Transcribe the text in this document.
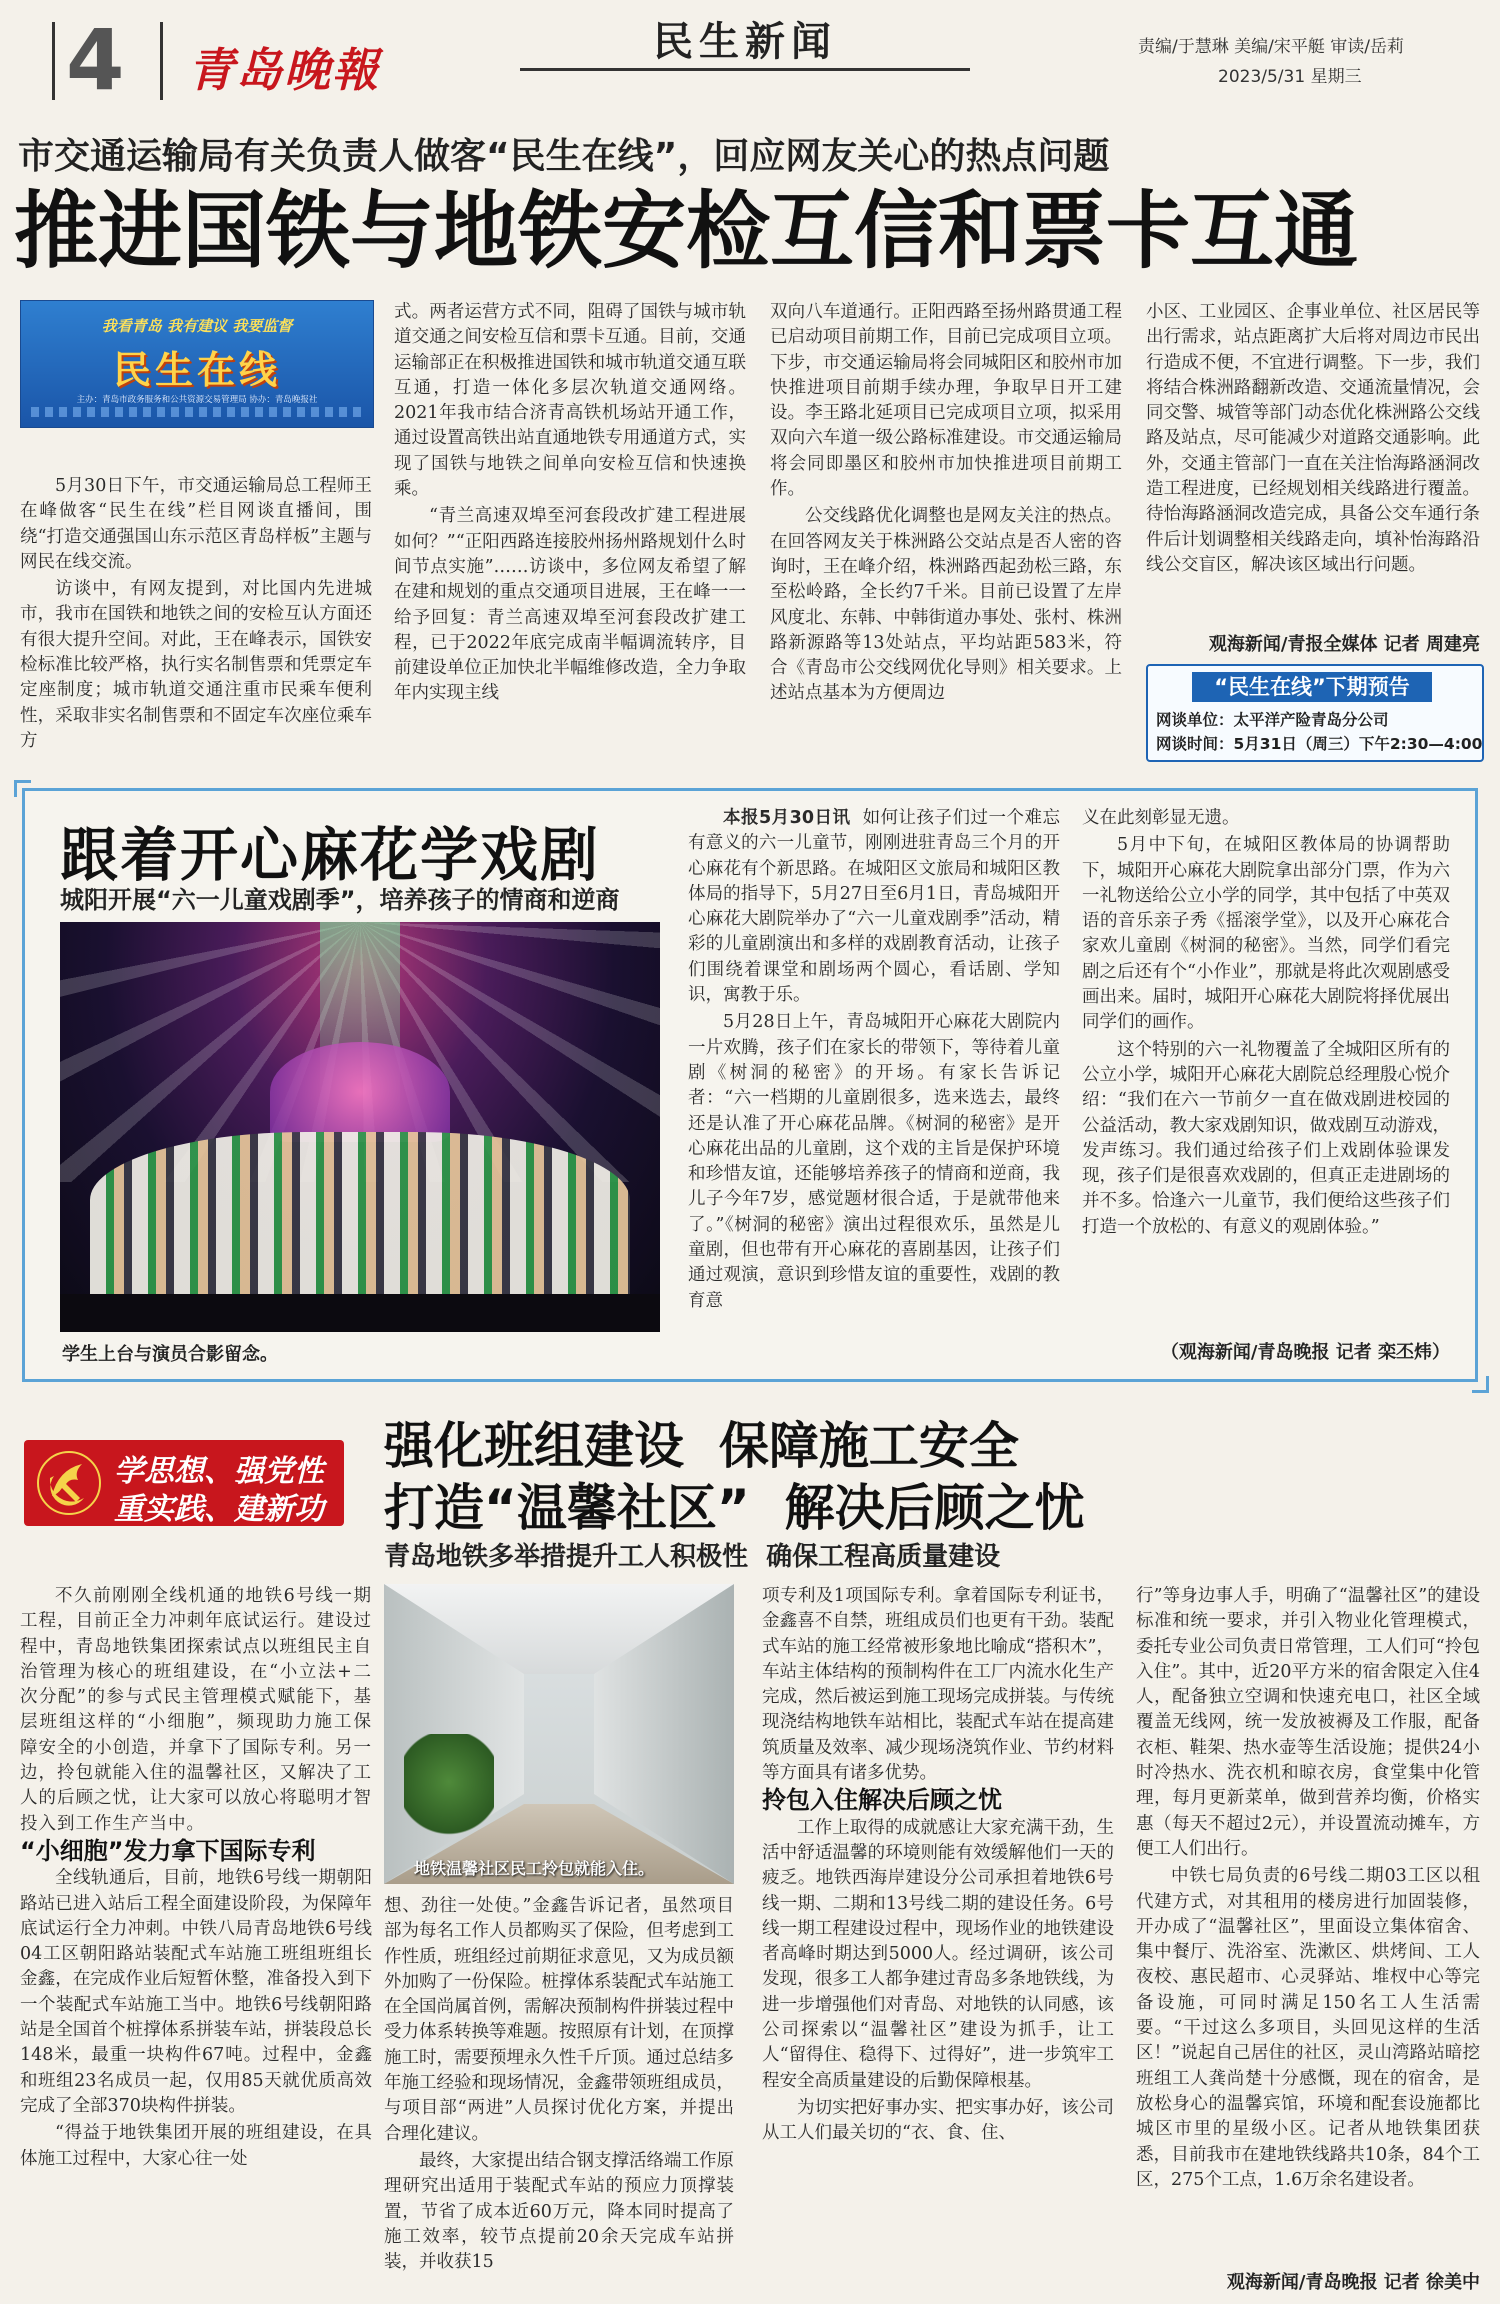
4 青岛晚報
民生新闻	责编/于慧琳 美编/宋平艇 审读/岳莉
2023/5/31 星期三
市交通运输局有关负责人做客“民生在线”，回应网友关心的热点问题
推进国铁与地铁安检互信和票卡互通
我看青岛 我有建议 我要监督
民生在线
主办：青岛市政务服务和公共资源交易管理局 协办：青岛晚报社

5月30日下午，市交通运输局总工程师王在峰做客“民生在线”栏目网谈直播间，围绕“打造交通强国山东示范区青岛样板”主题与网民在线交流。

访谈中，有网友提到，对比国内先进城市，我市在国铁和地铁之间的安检互认方面还有很大提升空间。对此，王在峰表示，国铁安检标准比较严格，执行实名制售票和凭票定车定座制度；城市轨道交通注重市民乘车便利性，采取非实名制售票和不固定车次座位乘车方

式。两者运营方式不同，阻碍了国铁与城市轨道交通之间安检互信和票卡互通。目前，交通运输部正在积极推进国铁和城市轨道交通互联互通，打造一体化多层次轨道交通网络。2021年我市结合济青高铁机场站开通工作，通过设置高铁出站直通地铁专用通道方式，实现了国铁与地铁之间单向安检互信和快速换乘。

“青兰高速双埠至河套段改扩建工程进展如何？”“正阳西路连接胶州扬州路规划什么时间节点实施”……访谈中，多位网友希望了解在建和规划的重点交通项目进展，王在峰一一给予回复：青兰高速双埠至河套段改扩建工程，已于2022年底完成南半幅调流转序，目前建设单位正加快北半幅维修改造，全力争取年内实现主线

双向八车道通行。正阳西路至扬州路贯通工程已启动项目前期工作，目前已完成项目立项。下步，市交通运输局将会同城阳区和胶州市加快推进项目前期手续办理，争取早日开工建设。李王路北延项目已完成项目立项，拟采用双向六车道一级公路标准建设。市交通运输局将会同即墨区和胶州市加快推进项目前期工作。

公交线路优化调整也是网友关注的热点。在回答网友关于株洲路公交站点是否人密的咨询时，王在峰介绍，株洲路西起劲松三路，东至松岭路，全长约7千米。目前已设置了左岸风度北、东韩、中韩街道办事处、张村、株洲路新源路等13处站点，平均站距583米，符合《青岛市公交线网优化导则》相关要求。上述站点基本为方便周边

小区、工业园区、企事业单位、社区居民等出行需求，站点距离扩大后将对周边市民出行造成不便，不宜进行调整。下一步，我们将结合株洲路翻新改造、交通流量情况，会同交警、城管等部门动态优化株洲路公交线路及站点，尽可能减少对道路交通影响。此外，交通主管部门一直在关注怡海路涵洞改造工程进度，已经规划相关线路进行覆盖。待怡海路涵洞改造完成，具备公交车通行条件后计划调整相关线路走向，填补怡海路沿线公交盲区，解决该区域出行问题。

观海新闻/青报全媒体 记者 周建亮
“民生在线”下期预告
网谈单位：太平洋产险青岛分公司
网谈时间：5月31日（周三）下午2:30—4:00
跟着开心麻花学戏剧
城阳开展“六一儿童戏剧季”，培养孩子的情商和逆商
学生上台与演员合影留念。

本报5月30日讯 如何让孩子们过一个难忘有意义的六一儿童节，刚刚进驻青岛三个月的开心麻花有个新思路。在城阳区文旅局和城阳区教体局的指导下，5月27日至6月1日，青岛城阳开心麻花大剧院举办了“六一儿童戏剧季”活动，精彩的儿童剧演出和多样的戏剧教育活动，让孩子们围绕着课堂和剧场两个圆心，看话剧、学知识，寓教于乐。

5月28日上午，青岛城阳开心麻花大剧院内一片欢腾，孩子们在家长的带领下，等待着儿童剧《树洞的秘密》的开场。有家长告诉记者：“六一档期的儿童剧很多，选来选去，最终还是认准了开心麻花品牌。《树洞的秘密》是开心麻花出品的儿童剧，这个戏的主旨是保护环境和珍惜友谊，还能够培养孩子的情商和逆商，我儿子今年7岁，感觉题材很合适，于是就带他来了。”《树洞的秘密》演出过程很欢乐，虽然是儿童剧，但也带有开心麻花的喜剧基因，让孩子们通过观演，意识到珍惜友谊的重要性，戏剧的教育意

义在此刻彰显无遗。

5月中下旬，在城阳区教体局的协调帮助下，城阳开心麻花大剧院拿出部分门票，作为六一礼物送给公立小学的同学，其中包括了中英双语的音乐亲子秀《摇滚学堂》，以及开心麻花合家欢儿童剧《树洞的秘密》。当然，同学们看完剧之后还有个“小作业”，那就是将此次观剧感受画出来。届时，城阳开心麻花大剧院将择优展出同学们的画作。

这个特别的六一礼物覆盖了全城阳区所有的公立小学，城阳开心麻花大剧院总经理殷心悦介绍：“我们在六一节前夕一直在做戏剧进校园的公益活动，教大家戏剧知识，做戏剧互动游戏，发声练习。我们通过给孩子们上戏剧体验课发现，孩子们是很喜欢戏剧的，但真正走进剧场的并不多。恰逢六一儿童节，我们便给这些孩子们打造一个放松的、有意义的观剧体验。”

（观海新闻/青岛晚报 记者 栾丕炜）
学思想、强党性
重实践、建新功
强化班组建设  保障施工安全
打造“温馨社区”  解决后顾之忧
青岛地铁多举措提升工人积极性  确保工程高质量建设

不久前刚刚全线机通的地铁6号线一期工程，目前正全力冲刺年底试运行。建设过程中，青岛地铁集团探索试点以班组民主自治管理为核心的班组建设，在“小立法+二次分配”的参与式民主管理模式赋能下，基层班组这样的“小细胞”，频现助力施工保障安全的小创造，并拿下了国际专利。另一边，拎包就能入住的温馨社区，又解决了工人的后顾之忧，让大家可以放心将聪明才智投入到工作生产当中。

“小细胞”发力拿下国际专利

全线轨通后，目前，地铁6号线一期朝阳路站已进入站后工程全面建设阶段，为保障年底试运行全力冲刺。中铁八局青岛地铁6号线04工区朝阳路站装配式车站施工班组班组长金鑫，在完成作业后短暂休整，准备投入到下一个装配式车站施工当中。地铁6号线朝阳路站是全国首个桩撑体系拼装车站，拼装段总长148米，最重一块构件67吨。过程中，金鑫和班组23名成员一起，仅用85天就优质高效完成了全部370块构件拼装。

“得益于地铁集团开展的班组建设，在具体施工过程中，大家心往一处

地铁温馨社区民工拎包就能入住。

想、劲往一处使。”金鑫告诉记者，虽然项目部为每名工作人员都购买了保险，但考虑到工作性质，班组经过前期征求意见，又为成员额外加购了一份保险。桩撑体系装配式车站施工在全国尚属首例，需解决预制构件拼装过程中受力体系转换等难题。按照原有计划，在顶撑施工时，需要预埋永久性千斤顶。通过总结多年施工经验和现场情况，金鑫带领班组成员，与项目部“两进”人员探讨优化方案，并提出合理化建议。

最终，大家提出结合钢支撑活络端工作原理研究出适用于装配式车站的预应力顶撑装置，节省了成本近60万元，降本同时提高了施工效率，较节点提前20余天完成车站拼装，并收获15

项专利及1项国际专利。拿着国际专利证书，金鑫喜不自禁，班组成员们也更有干劲。装配式车站的施工经常被形象地比喻成“搭积木”，车站主体结构的预制构件在工厂内流水化生产完成，然后被运到施工现场完成拼装。与传统现浇结构地铁车站相比，装配式车站在提高建筑质量及效率、减少现场浇筑作业、节约材料等方面具有诸多优势。

拎包入住解决后顾之忧

工作上取得的成就感让大家充满干劲，生活中舒适温馨的环境则能有效缓解他们一天的疲乏。地铁西海岸建设分公司承担着地铁6号线一期、二期和13号线二期的建设任务。6号线一期工程建设过程中，现场作业的地铁建设者高峰时期达到5000人。经过调研，该公司发现，很多工人都争建过青岛多条地铁线，为进一步增强他们对青岛、对地铁的认同感，该公司探索以“温馨社区”建设为抓手，让工人“留得住、稳得下、过得好”，进一步筑牢工程安全高质量建设的后勤保障根基。

为切实把好事办实、把实事办好，该公司从工人们最关切的“衣、食、住、

行”等身边事人手，明确了“温馨社区”的建设标准和统一要求，并引入物业化管理模式，委托专业公司负责日常管理，工人们可“拎包入住”。其中，近20平方米的宿舍限定入住4人，配备独立空调和快速充电口，社区全域覆盖无线网，统一发放被褥及工作服，配备衣柜、鞋架、热水壶等生活设施；提供24小时冷热水、洗衣机和晾衣房，食堂集中化管理，每月更新菜单，做到营养均衡，价格实惠（每天不超过2元），并设置流动摊车，方便工人们出行。

中铁七局负责的6号线二期03工区以租代建方式，对其租用的楼房进行加固装修，开办成了“温馨社区”，里面设立集体宿舍、集中餐厅、洗浴室、洗漱区、烘烤间、工人夜校、惠民超市、心灵驿站、堆杈中心等完备设施，可同时满足150名工人生活需要。“干过这么多项目，头回见这样的生活区！”说起自己居住的社区，灵山湾路站暗挖班组工人龚尚楚十分感慨，现在的宿舍，是放松身心的温馨宾馆，环境和配套设施都比城区市里的星级小区。记者从地铁集团获悉，目前我市在建地铁线路共10条，84个工区，275个工点，1.6万余名建设者。

观海新闻/青岛晚报 记者 徐美中
